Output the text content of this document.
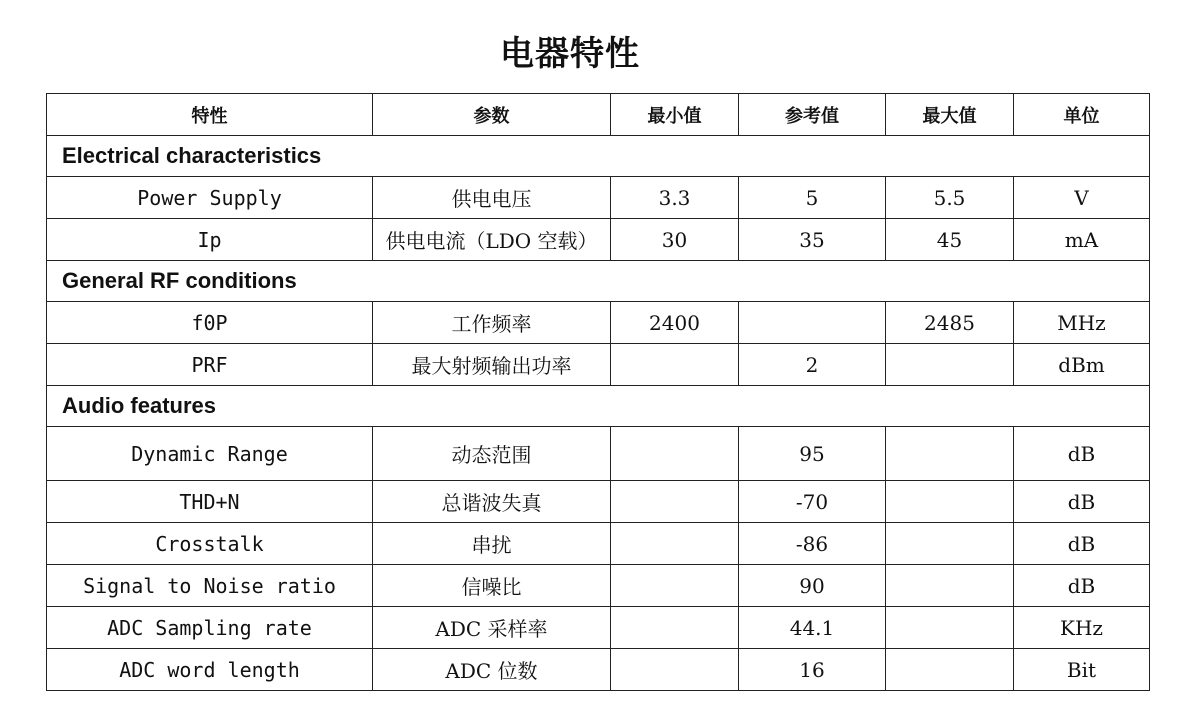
电器特性
特性	参数	最小值	参考值	最大值	单位
Electrical characteristics					
Power Supply	供电电压	3.3	5	5.5	V
Ip	供电电流（LDO 空载）	30	35	45	mA
General RF conditions					
f0P	工作频率	2400		2485	MHz
PRF	最大射频输出功率		2		dBm
Audio features					
Dynamic Range	动态范围		95		dB
THD+N	总谐波失真		-70		dB
Crosstalk	串扰		-86		dB
Signal to Noise ratio	信噪比		90		dB
ADC Sampling rate	ADC 采样率		44.1		KHz
ADC word length	ADC 位数		16		Bit
